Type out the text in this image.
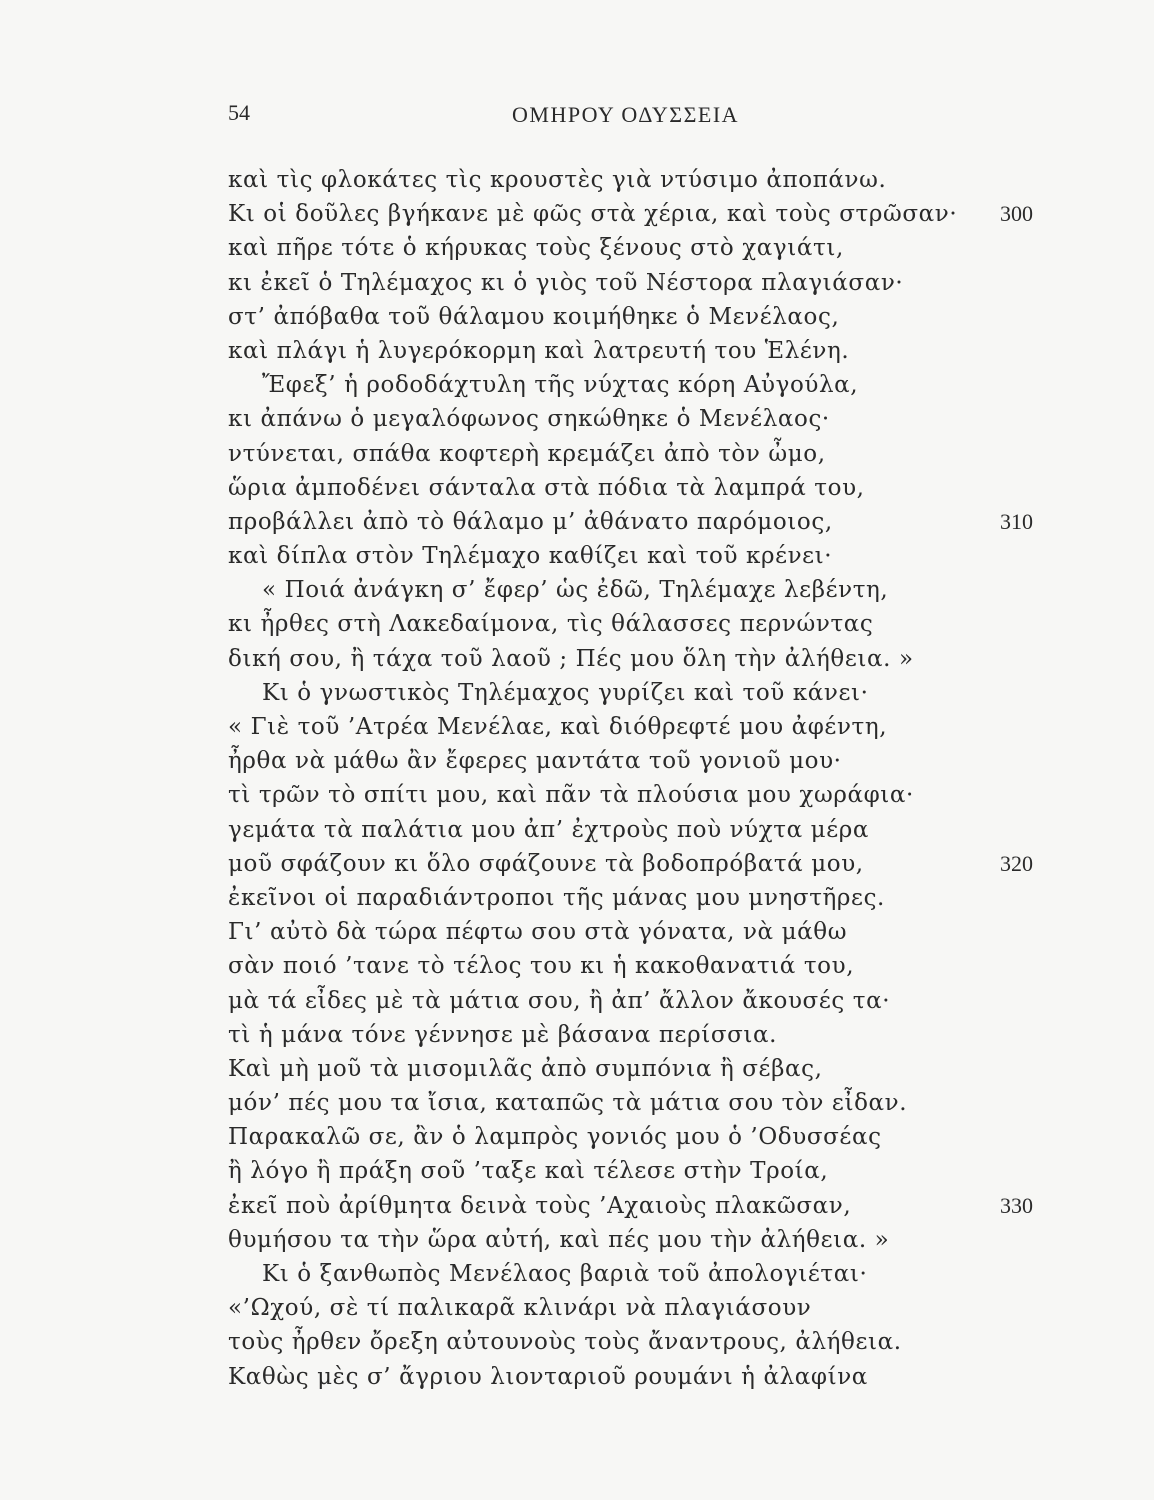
54	ΟΜΗΡΟΥ ΟΔΥΣΣΕΙΑ
καὶ τὶς φλοκάτες τὶς κρουστὲς γιὰ ντύσιμο ἀποπάνω.
Κι οἱ δοῦλες βγήκανε μὲ φῶς στὰ χέρια, καὶ τοὺς στρῶσαν· 300
καὶ πῆρε τότε ὁ κήρυκας τοὺς ξένους στὸ χαγιάτι,
κι ἐκεῖ ὁ Τηλέμαχος κι ὁ γιὸς τοῦ Νέστορα πλαγιάσαν·
στ’ ἀπόβαθα τοῦ θάλαμου κοιμήθηκε ὁ Μενέλαος,
καὶ πλάγι ἡ λυγερόκορμη καὶ λατρευτή του Ἑλένη.
Ἔφεξ’ ἡ ροδοδάχτυλη τῆς νύχτας κόρη Αὐγούλα,
κι ἀπάνω ὁ μεγαλόφωνος σηκώθηκε ὁ Μενέλαος·
ντύνεται, σπάθα κοφτερὴ κρεμάζει ἀπὸ τὸν ὦμο,
ὥρια ἀμποδένει σάνταλα στὰ πόδια τὰ λαμπρά του,
προβάλλει ἀπὸ τὸ θάλαμο μ’ ἀθάνατο παρόμοιος,	310
καὶ δίπλα στὸν Τηλέμαχο καθίζει καὶ τοῦ κρένει·
« Ποιά ἀνάγκη σ’ ἔφερ’ ὡς ἐδῶ, Τηλέμαχε λεβέντη,
κι ἦρθες στὴ Λακεδαίμονα, τὶς θάλασσες περνώντας
δική σου, ἢ τάχα τοῦ λαοῦ ; Πές μου ὅλη τὴν ἀλήθεια. »
Κι ὁ γνωστικὸς Τηλέμαχος γυρίζει καὶ τοῦ κάνει·
« Γιὲ τοῦ ’Ατρέα Μενέλαε, καὶ διόθρεφτέ μου ἀφέντη,
ἦρθα νὰ μάθω ἂν ἔφερες μαντάτα τοῦ γονιοῦ μου·
τὶ τρῶν τὸ σπίτι μου, καὶ πᾶν τὰ πλούσια μου χωράφια·
γεμάτα τὰ παλάτια μου ἀπ’ ἐχτροὺς ποὺ νύχτα μέρα
μοῦ σφάζουν κι ὅλο σφάζουνε τὰ βοδοπρόβατά μου,	320
ἐκεῖνοι οἱ παραδιάντροποι τῆς μάνας μου μνηστῆρες.
Γι’ αὐτὸ δὰ τώρα πέφτω σου στὰ γόνατα, νὰ μάθω
σὰν ποιό ’τανε τὸ τέλος του κι ἡ κακοθανατιά του,
μὰ τά εἶδες μὲ τὰ μάτια σου, ἢ ἀπ’ ἄλλον ἄκουσές τα·
τὶ ἡ μάνα τόνε γέννησε μὲ βάσανα περίσσια.
Καὶ μὴ μοῦ τὰ μισομιλᾶς ἀπὸ συμπόνια ἢ σέβας,
μόν’ πές μου τα ἴσια, καταπῶς τὰ μάτια σου τὸν εἶδαν.
Παρακαλῶ σε, ἂν ὁ λαμπρὸς γονιός μου ὁ ’Οδυσσέας
ἢ λόγο ἢ πράξη σοῦ ’ταξε καὶ τέλεσε στὴν Τροία,
ἐκεῖ ποὺ ἀρίθμητα δεινὰ τοὺς ’Αχαιοὺς πλακῶσαν,	330
θυμήσου τα τὴν ὥρα αὐτή, καὶ πές μου τὴν ἀλήθεια. »
Κι ὁ ξανθωπὸς Μενέλαος βαριὰ τοῦ ἀπολογιέται·
«’Ωχού, σὲ τί παλικαρᾶ κλινάρι νὰ πλαγιάσουν
τοὺς ἦρθεν ὄρεξη αὐτουνοὺς τοὺς ἄναντρους, ἀλήθεια.
Καθὼς μὲς σ’ ἄγριου λιονταριοῦ ρουμάνι ἡ ἀλαφίνα
